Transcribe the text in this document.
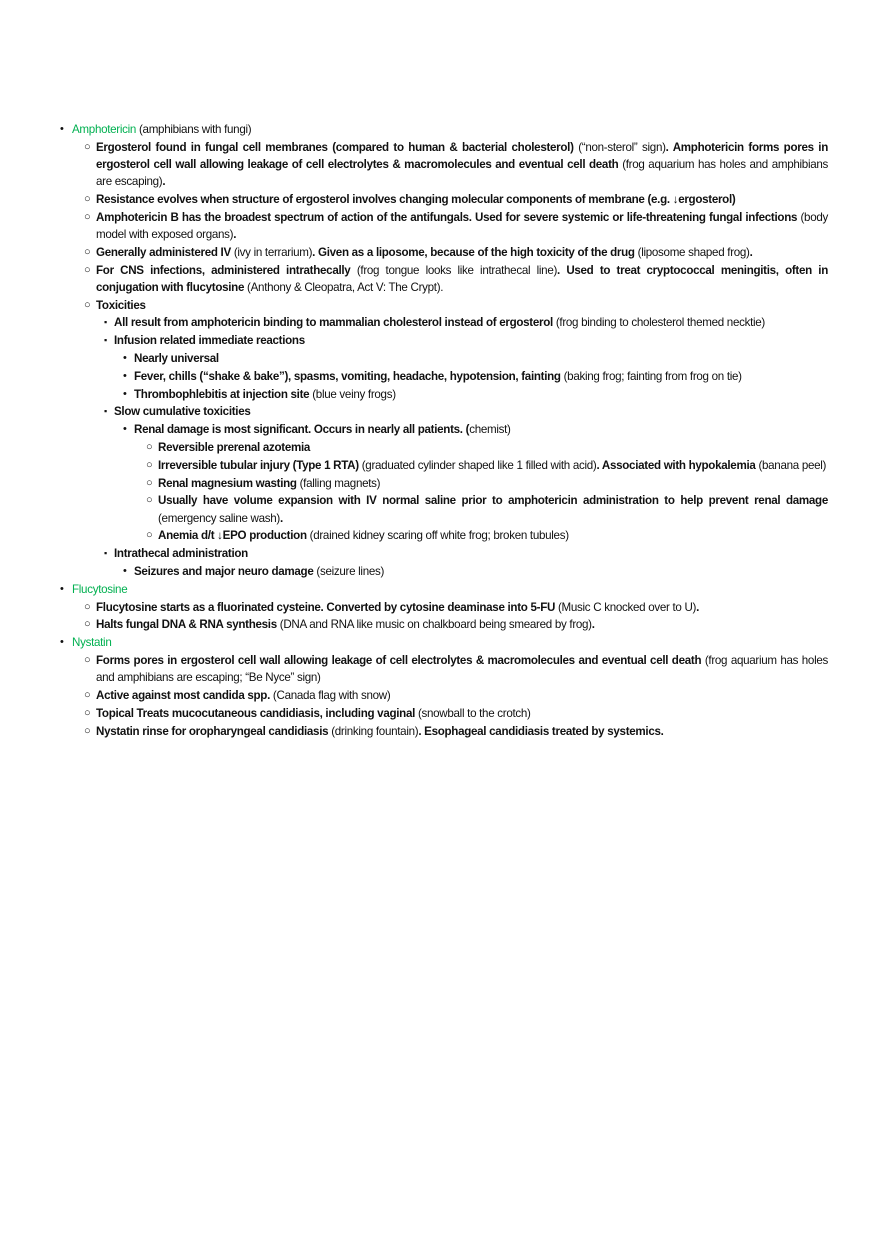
• Amphotericin (amphibians with fungi)
○ Ergosterol found in fungal cell membranes (compared to human & bacterial cholesterol) (“non-sterol” sign). Amphotericin forms pores in ergosterol cell wall allowing leakage of cell electrolytes & macromolecules and eventual cell death (frog aquarium has holes and amphibians are escaping).
○ Resistance evolves when structure of ergosterol involves changing molecular components of membrane (e.g. ↓ergosterol)
○ Amphotericin B has the broadest spectrum of action of the antifungals. Used for severe systemic or life-threatening fungal infections (body model with exposed organs).
○ Generally administered IV (ivy in terrarium). Given as a liposome, because of the high toxicity of the drug (liposome shaped frog).
○ For CNS infections, administered intrathecally (frog tongue looks like intrathecal line). Used to treat cryptococcal meningitis, often in conjugation with flucytosine (Anthony & Cleopatra, Act V: The Crypt).
○ Toxicities
▪ All result from amphotericin binding to mammalian cholesterol instead of ergosterol (frog binding to cholesterol themed necktie)
▪ Infusion related immediate reactions
• Nearly universal
• Fever, chills (“shake & bake”), spasms, vomiting, headache, hypotension, fainting (baking frog; fainting from frog on tie)
• Thrombophlebitis at injection site (blue veiny frogs)
▪ Slow cumulative toxicities
• Renal damage is most significant. Occurs in nearly all patients. (chemist)
○ Reversible prerenal azotemia
○ Irreversible tubular injury (Type 1 RTA) (graduated cylinder shaped like 1 filled with acid). Associated with hypokalemia (banana peel)
○ Renal magnesium wasting (falling magnets)
○ Usually have volume expansion with IV normal saline prior to amphotericin administration to help prevent renal damage (emergency saline wash).
○ Anemia d/t ↓EPO production (drained kidney scaring off white frog; broken tubules)
▪ Intrathecal administration
• Seizures and major neuro damage (seizure lines)
• Flucytosine
○ Flucytosine starts as a fluorinated cysteine. Converted by cytosine deaminase into 5-FU (Music C knocked over to U).
○ Halts fungal DNA & RNA synthesis (DNA and RNA like music on chalkboard being smeared by frog).
• Nystatin
○ Forms pores in ergosterol cell wall allowing leakage of cell electrolytes & macromolecules and eventual cell death (frog aquarium has holes and amphibians are escaping; “Be Nyce” sign)
○ Active against most candida spp. (Canada flag with snow)
○ Topical Treats mucocutaneous candidiasis, including vaginal (snowball to the crotch)
○ Nystatin rinse for oropharyngeal candidiasis (drinking fountain). Esophageal candidiasis treated by systemics.
